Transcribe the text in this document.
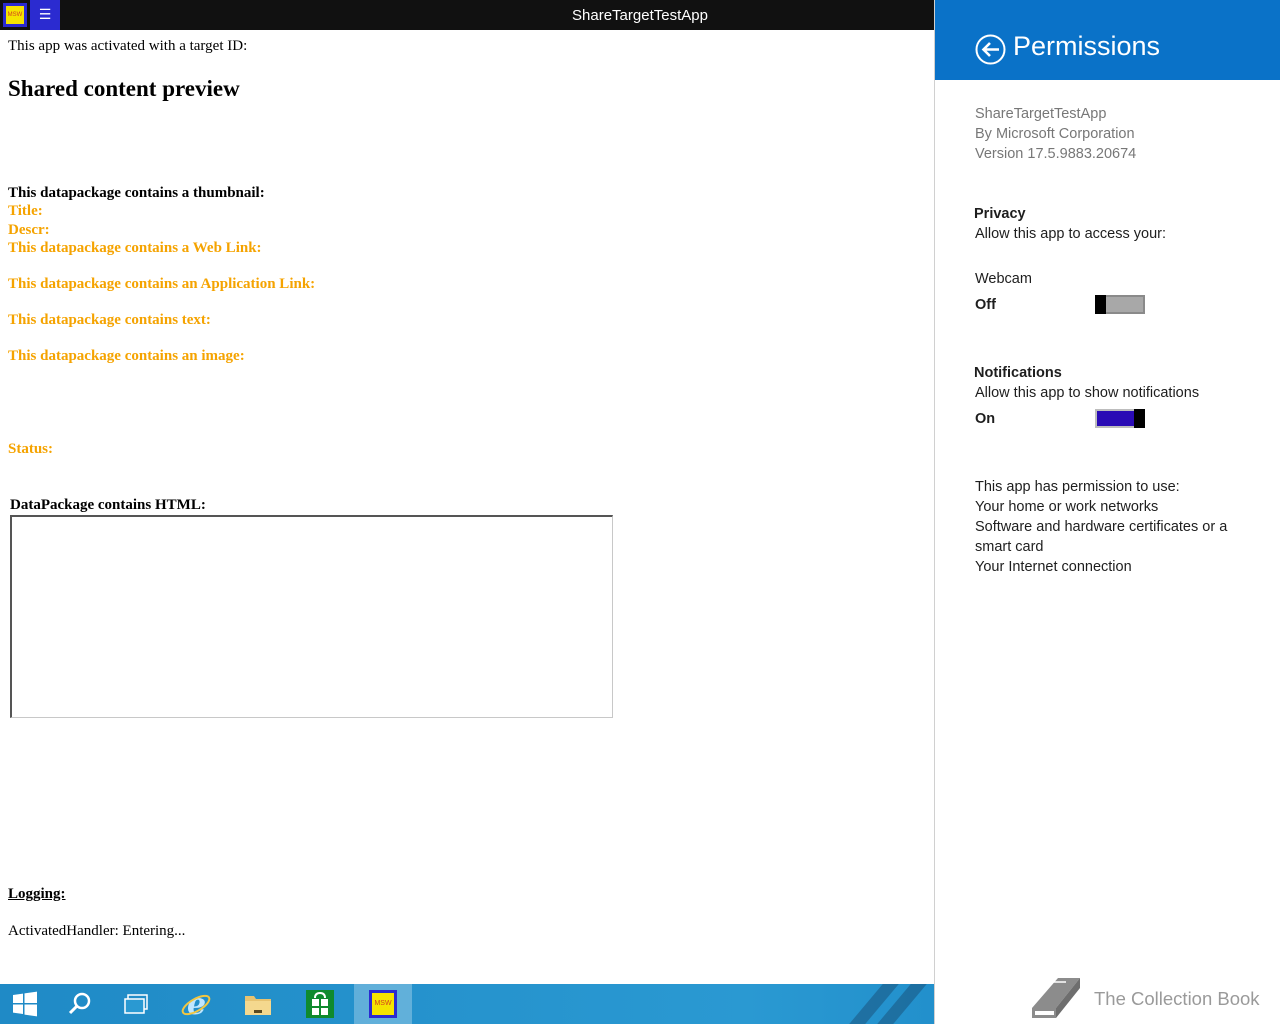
MSW	☰	ShareTargetTestApp
This app was activated with a target ID:
Shared content preview
This datapackage contains a thumbnail:
Title:
Descr:
This datapackage contains a Web Link:
This datapackage contains an Application Link:
This datapackage contains text:
This datapackage contains an image:
Status:
DataPackage contains HTML:
Logging:
ActivatedHandler: Entering...
e	MSW
Permissions
ShareTargetTestApp
By Microsoft Corporation
Version 17.5.9883.20674
Privacy
Allow this app to access your:
Webcam
Off
Notifications
Allow this app to show notifications
On
This app has permission to use:
Your home or work networks
Software and hardware certificates or a
smart card
Your Internet connection
The Collection Book
